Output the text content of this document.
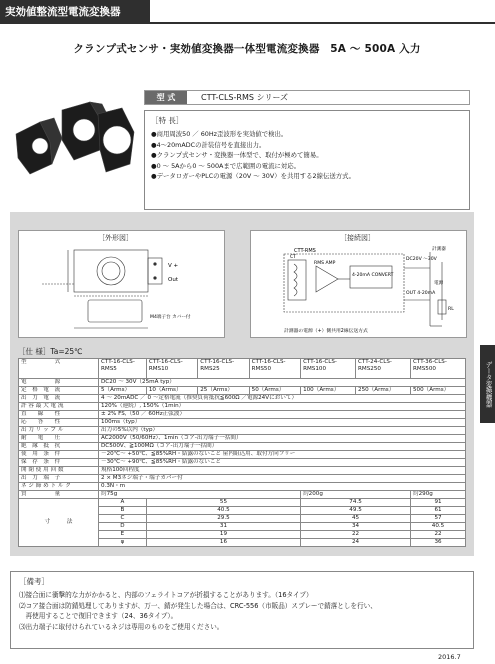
実効値整流型電流変換器
クランプ式センサ・実効値変換器一体型電流変換器　5A ～ 500A 入力
型 式	CTT-CLS-RMS シリーズ
［特 長］
●商用周波50 ／ 60Hz歪波形を実効値で検出。
●4～20mADCの計装信号を直接出力。
●クランプ式センサ・変換器一体型で、取付が極めて簡易。
●0 ～ 5Aから0 ～ 500Aまで広範囲の電流に対応。
●データロガーやPLCの電源（20V ～ 30V）を共用する2線伝送方式。
［外形図］
V +
Out
M4端子台 カバー付
［接続図］
CTT-RMS
CT
RMS AMP
4-20mA CONVERT
DC20V ～30V
OUT 4-20mA
計測器
電源
RL
計測器の電源（+）側共用2線伝送方式
［仕 様］Ta=25℃
型　　　　　式	CTT-16-CLS-RMS5	CTT-16-CLS-RMS10	CTT-16-CLS-RMS25	CTT-16-CLS-RMS50	CTT-16-CLS-RMS100	CTT-24-CLS-RMS250	CTT-36-CLS-RMS500
電　　　　　源	DC20 ～ 30V（25mA typ）						
定　格　電　流	5（Arms）	10（Arms）	25（Arms）	50（Arms）	100（Arms）	250（Arms）	500（Arms）
出　力　電　流	4 ～ 20mADC ／ 0 ～定格電流（推奨負荷抵抗≦600Ω ／電源24Vにおいて）						
許 容 最 大 電 流	120%（連続）, 150%（1min）						
直　　線　　性	± 2% FS,（50 ／ 60Hz正弦波）						
応　　答　　性	100ms（typ）						
出 力 リ ッ プ ル	出力の5%以内（typ）						
耐　　電　　圧	AC2000V（50/60Hz）、1min（コア-出力端子一括間）						
絶　縁　抵　抗	DC500V、≧100MΩ（コア-出力端子一括間）						
使　用　条　件	－20℃～ +50℃、≦85%RH・結露のないこと 屋内組込用、取付方向フリー						
保　存　条　件	－30℃～ +90℃、≦85%RH・結露のないこと						
開 閉 使 用 回 数	規格100回程度						
出　力　端　子	2 × M3ネジ端子・端子カバー付						
ネ ジ 締 め ト ル ク	0.3N・m						
質　　　　　量	約75g				約200g		約290g
寸　　　法	A	55			74.5		91
	B	40.5			49.5		61
	C	29.5			45		57
	D	31			34		40.5
	E	19			22		22
	φ	16			24		36
［備考］
⑴接合面に衝撃的な力がかかると、内部のフェライトコアが折損することがあります。（16タイプ）
⑵コア接合面は防錆処理してありますが、万一、錆が発生した場合は、CRC-556（市販品）スプレーで錆落としを行い、
　再使用することで復旧できます（24、36タイプ）。
⑶出力端子に取付けられているネジは専用のものをご使用ください。
データ変換機器
2016.7
